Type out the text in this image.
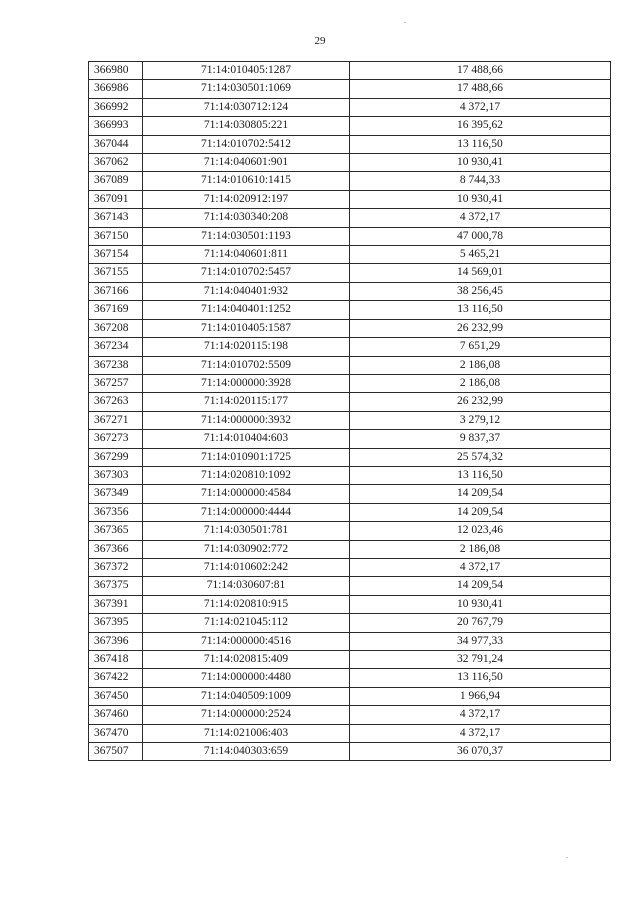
29
366980	71:14:010405:1287	17 488,66
366986	71:14:030501:1069	17 488,66
366992	71:14:030712:124	4 372,17
366993	71:14:030805:221	16 395,62
367044	71:14:010702:5412	13 116,50
367062	71:14:040601:901	10 930,41
367089	71:14:010610:1415	8 744,33
367091	71:14:020912:197	10 930,41
367143	71:14:030340:208	4 372,17
367150	71:14:030501:1193	47 000,78
367154	71:14:040601:811	5 465,21
367155	71:14:010702:5457	14 569,01
367166	71:14:040401:932	38 256,45
367169	71:14:040401:1252	13 116,50
367208	71:14:010405:1587	26 232,99
367234	71:14:020115:198	7 651,29
367238	71:14:010702:5509	2 186,08
367257	71:14:000000:3928	2 186,08
367263	71:14:020115:177	26 232,99
367271	71:14:000000:3932	3 279,12
367273	71:14:010404:603	9 837,37
367299	71:14:010901:1725	25 574,32
367303	71:14:020810:1092	13 116,50
367349	71:14:000000:4584	14 209,54
367356	71:14:000000:4444	14 209,54
367365	71:14:030501:781	12 023,46
367366	71:14:030902:772	2 186,08
367372	71:14:010602:242	4 372,17
367375	71:14:030607:81	14 209,54
367391	71:14:020810:915	10 930,41
367395	71:14:021045:112	20 767,79
367396	71:14:000000:4516	34 977,33
367418	71:14:020815:409	32 791,24
367422	71:14:000000:4480	13 116,50
367450	71:14:040509:1009	1 966,94
367460	71:14:000000:2524	4 372,17
367470	71:14:021006:403	4 372,17
367507	71:14:040303:659	36 070,37
